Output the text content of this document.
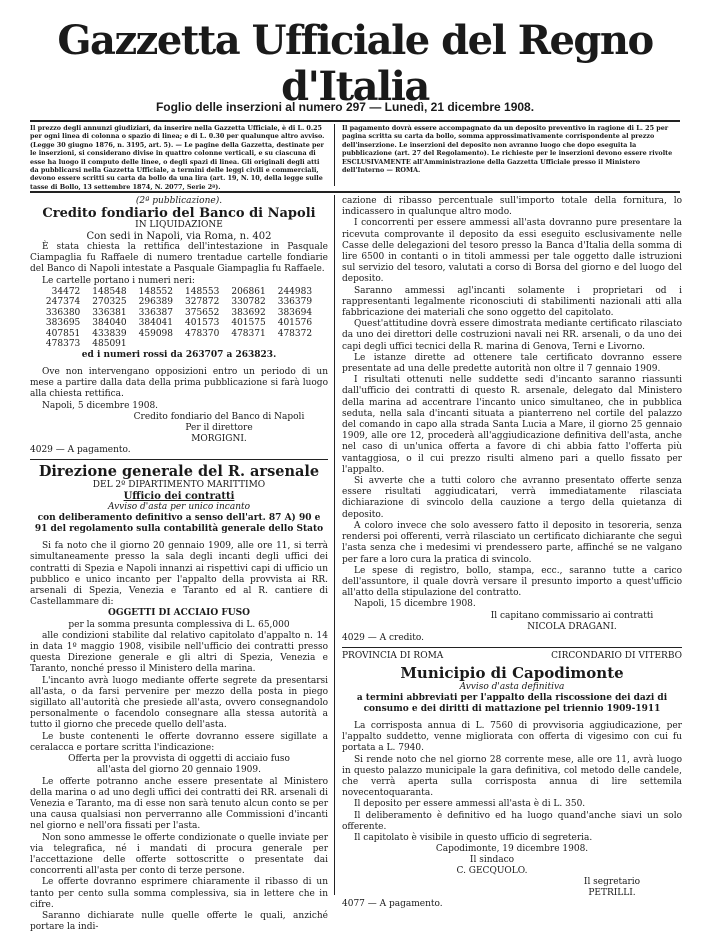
Gazzetta Ufficiale del Regno d'Italia
Foglio delle inserzioni al numero 297 — Lunedì, 21 dicembre 1908.
Il prezzo degli annunzi giudiziari, da inserire nella Gazzetta Ufficiale, è di L. 0.25 per ogni linea di colonna o spazio di linea; e di L. 0.30 per qualunque altro avviso. (Legge 30 giugno 1876, n. 3195, art. 5). — Le pagine della Gazzetta, destinate per le inserzioni, si considerano divise in quattro colonne verticali, e su ciascuna di esse ha luogo il computo delle linee, o degli spazi di linea. Gli originali degli atti da pubblicarsi nella Gazzetta Ufficiale, a termini delle leggi civili e commerciali, devono essere scritti su carta da bollo da una lira (art. 19, N. 10, della legge sulle tasse di Bollo, 13 settembre 1874, N. 2077, Serie 2ª).
Il pagamento dovrà essere accompagnato da un deposito preventivo in ragione di L. 25 per pagina scritta su carta da bollo, somma approssimativamente corrispondente al prezzo dell'inserzione. Le inserzioni del deposito non avranno luogo che dopo eseguita la pubblicazione (art. 27 del Regolamento). Le richieste per le inserzioni devono essere rivolte ESCLUSIVAMENTE all'Amministrazione della Gazzetta Ufficiale presso il Ministero dell'Interno — ROMA.
(2ª pubblicazione).
Credito fondiario del Banco di Napoli
IN LIQUIDAZIONE
Con sedi in Napoli, via Roma, n. 402

È stata chiesta la rettifica dell'intestazione in Pasquale Ciampaglia fu Raffaele di numero trentadue cartelle fondiarie del Banco di Napoli intestate a Pasquale Giampaglia fu Raffaele.

Le cartelle portano i numeri neri:

34472	148548	148552	148553	206861	244983
247374	270325	296389	327872	330782	336379
336380	336381	336387	375652	383692	383694
383695	384040	384041	401573	401575	401576
407851	433839	459098	478370	478371	478372
478373	485091				
ed i numeri rossi da 263707 a 263823.

Ove non intervengano opposizioni entro un periodo di un mese a partire dalla data della prima pubblicazione si farà luogo alla chiesta rettifica.

Napoli, 5 dicembre 1908.

Credito fondiario del Banco di Napoli
Per il direttore
MORGIGNI.
4029 — A pagamento.
Direzione generale del R. arsenale
DEL 2º DIPARTIMENTO MARITTIMO
Ufficio dei contratti
Avviso d'asta per unico incanto
con deliberamento definitivo a senso dell'art. 87 A) 90 e 91 del regolamento sulla contabilità generale dello Stato

Si fa noto che il giorno 20 gennaio 1909, alle ore 11, si terrà simultaneamente presso la sala degli incanti degli uffici dei contratti di Spezia e Napoli innanzi ai rispettivi capi di ufficio un pubblico e unico incanto per l'appalto della provvista ai RR. arsenali di Spezia, Venezia e Taranto ed al R. cantiere di Castellammare di:

OGGETTI DI ACCIAIO FUSO
per la somma presunta complessiva di L. 65,000

alle condizioni stabilite dal relativo capitolato d'appalto n. 14 in data 1º maggio 1908, visibile nell'ufficio dei contratti presso questa Direzione generale e gli altri di Spezia, Venezia e Taranto, nonché presso il Ministero della marina.

L'incanto avrà luogo mediante offerte segrete da presentarsi all'asta, o da farsi pervenire per mezzo della posta in piego sigillato all'autorità che presiede all'asta, ovvero consegnandolo personalmente o facendolo consegnare alla stessa autorità a tutto il giorno che precede quello dell'asta.

Le buste contenenti le offerte dovranno essere sigillate a ceralacca e portare scritta l'indicazione:

Offerta per la provvista di oggetti di acciaio fuso
all'asta del giorno 20 gennaio 1909.

Le offerte potranno anche essere presentate al Ministero della marina o ad uno degli uffici dei contratti dei RR. arsenali di Venezia e Taranto, ma di esse non sarà tenuto alcun conto se per una causa qualsiasi non perverranno alle Commissioni d'incanti nel giorno e nell'ora fissati per l'asta.

Non sono ammesse le offerte condizionate o quelle inviate per via telegrafica, né i mandati di procura generale per l'accettazione delle offerte sottoscritte o presentate dai concorrenti all'asta per conto di terze persone.

Le offerte dovranno esprimere chiaramente il ribasso di un tanto per cento sulla somma complessiva, sia in lettere che in cifre.

Saranno dichiarate nulle quelle offerte le quali, anziché portare la indi-

cazione di ribasso percentuale sull'importo totale della fornitura, lo indicassero in qualunque altro modo.

I concorrenti per essere ammessi all'asta dovranno pure presentare la ricevuta comprovante il deposito da essi eseguito esclusivamente nelle Casse delle delegazioni del tesoro presso la Banca d'Italia della somma di lire 6500 in contanti o in titoli ammessi per tale oggetto dalle istruzioni sul servizio del tesoro, valutati a corso di Borsa del giorno e del luogo del deposito.

Saranno ammessi agl'incanti solamente i proprietari od i rappresentanti legalmente riconosciuti di stabilimenti nazionali atti alla fabbricazione dei materiali che sono oggetto del capitolato.

Quest'attitudine dovrà essere dimostrata mediante certificato rilasciato da uno dei direttori delle costruzioni navali nei RR. arsenali, o da uno dei capi degli uffici tecnici della R. marina di Genova, Terni e Livorno.

Le istanze dirette ad ottenere tale certificato dovranno essere presentate ad una delle predette autorità non oltre il 7 gennaio 1909.

I risultati ottenuti nelle suddette sedi d'incanto saranno riassunti dall'ufficio dei contratti di questo R. arsenale, delegato dal Ministero della marina ad accentrare l'incanto unico simultaneo, che in pubblica seduta, nella sala d'incanti situata a pianterreno nel cortile del palazzo del comando in capo alla strada Santa Lucia a Mare, il giorno 25 gennaio 1909, alle ore 12, procederà all'aggiudicazione definitiva dell'asta, anche nel caso di un'unica offerta a favore di chi abbia fatto l'offerta più vantaggiosa, o il cui prezzo risulti almeno pari a quello fissato per l'appalto.

Si avverte che a tutti coloro che avranno presentato offerte senza essere risultati aggiudicatari, verrà immediatamente rilasciata dichiarazione di svincolo della cauzione a tergo della quietanza di deposito.

A coloro invece che solo avessero fatto il deposito in tesoreria, senza rendersi poi offerenti, verrà rilasciato un certificato dichiarante che seguì l'asta senza che i medesimi vi prendessero parte, affinché se ne valgano per fare a loro cura la pratica di svincolo.

Le spese di registro, bollo, stampa, ecc., saranno tutte a carico dell'assuntore, il quale dovrà versare il presunto importo a quest'ufficio all'atto della stipulazione del contratto.

Napoli, 15 dicembre 1908.

Il capitano commissario ai contratti
NICOLA DRAGANI.
4029 — A credito.
PROVINCIA DI ROMA	CIRCONDARIO DI VITERBO
Municipio di Capodimonte
Avviso d'asta definitiva
a termini abbreviati per l'appalto della riscossione dei dazi di consumo e dei diritti di mattazione pel triennio 1909-1911

La corrisposta annua di L. 7560 di provvisoria aggiudicazione, per l'appalto suddetto, venne migliorata con offerta di vigesimo con cui fu portata a L. 7940.

Si rende noto che nel giorno 28 corrente mese, alle ore 11, avrà luogo in questo palazzo municipale la gara definitiva, col metodo delle candele, che verrà aperta sulla corrisposta annua di lire settemila novecentoquaranta.

Il deposito per essere ammessi all'asta è di L. 350.

Il deliberamento è definitivo ed ha luogo quand'anche siavi un solo offerente.

Il capitolato è visibile in questo ufficio di segreteria.

Capodimonte, 19 dicembre 1908.
Il sindaco
C. GECQUOLO.
Il segretario
PETRILLI.
4077 — A pagamento.
